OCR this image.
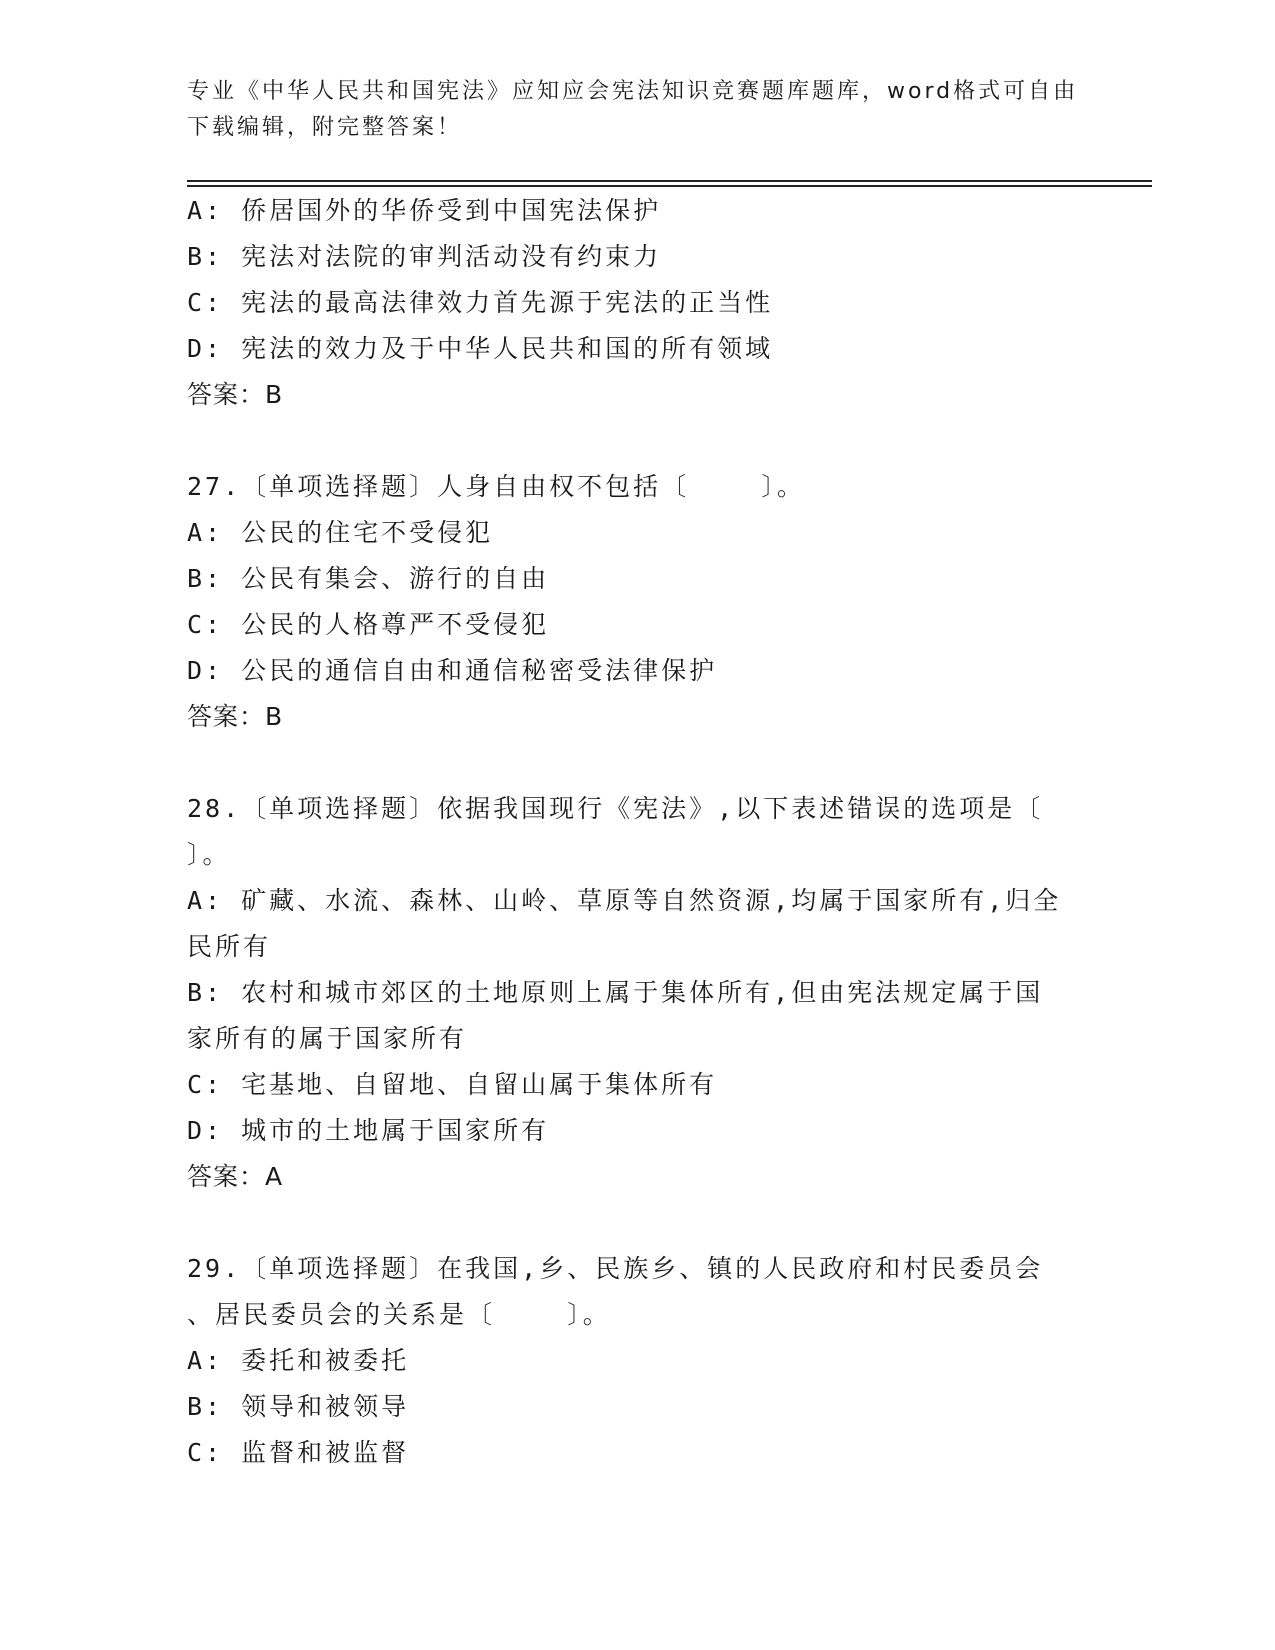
专业《中华人民共和国宪法》应知应会宪法知识竞赛题库题库，word格式可自由
下载编辑，附完整答案！
A: 侨居国外的华侨受到中国宪法保护
B: 宪法对法院的审判活动没有约束力
C: 宪法的最高法律效力首先源于宪法的正当性
D: 宪法的效力及于中华人民共和国的所有领域
答案：B
27.〔单项选择题〕人身自由权不包括〔    〕。
A: 公民的住宅不受侵犯
B: 公民有集会、游行的自由
C: 公民的人格尊严不受侵犯
D: 公民的通信自由和通信秘密受法律保护
答案：B
28.〔单项选择题〕依据我国现行《宪法》,以下表述错误的选项是〔
〕。
A: 矿藏、水流、森林、山岭、草原等自然资源,均属于国家所有,归全
民所有
B: 农村和城市郊区的土地原则上属于集体所有,但由宪法规定属于国
家所有的属于国家所有
C: 宅基地、自留地、自留山属于集体所有
D: 城市的土地属于国家所有
答案：A
29.〔单项选择题〕在我国,乡、民族乡、镇的人民政府和村民委员会
、居民委员会的关系是〔    〕。
A: 委托和被委托
B: 领导和被领导
C: 监督和被监督
